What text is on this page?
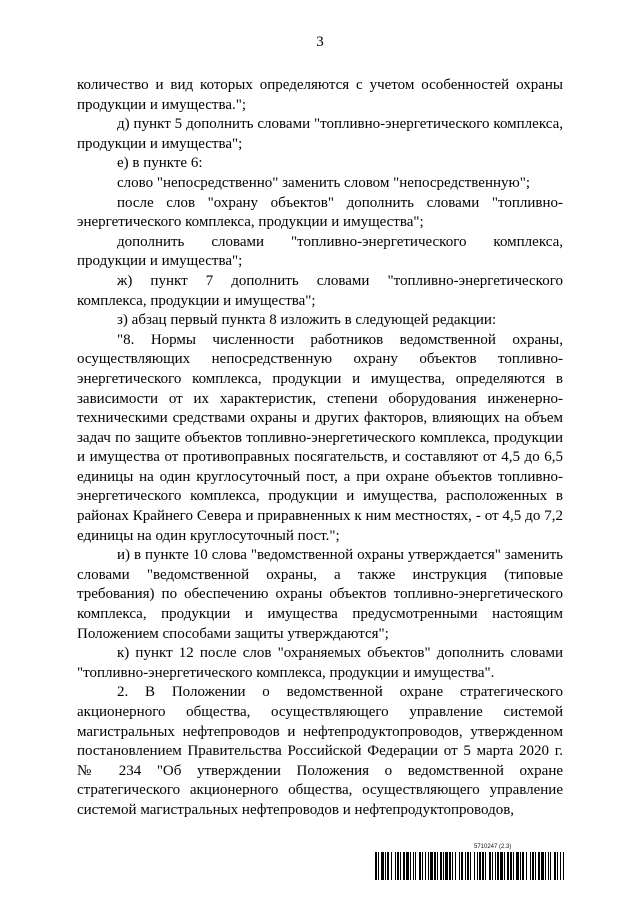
3

количество и вид которых определяются с учетом особенностей охраны продукции и имущества.";

д) пункт 5 дополнить словами "топливно-энергетического комплекса, продукции и имущества";

е) в пункте 6:

слово "непосредственно" заменить словом "непосредственную";

после слов "охрану объектов" дополнить словами "топливно-энергетического комплекса, продукции и имущества";

дополнить словами "топливно-энергетического комплекса, продукции и имущества";

ж) пункт 7 дополнить словами "топливно-энергетического комплекса, продукции и имущества";

з) абзац первый пункта 8 изложить в следующей редакции:

"8. Нормы численности работников ведомственной охраны, осуществляющих непосредственную охрану объектов топливно-энергетического комплекса, продукции и имущества, определяются в зависимости от их характеристик, степени оборудования инженерно-техническими средствами охраны и других факторов, влияющих на объем задач по защите объектов топливно-энергетического комплекса, продукции и имущества от противоправных посягательств, и составляют от 4,5 до 6,5 единицы на один круглосуточный пост, а при охране объектов топливно-энергетического комплекса, продукции и имущества, расположенных в районах Крайнего Севера и приравненных к ним местностях, - от 4,5 до 7,2 единицы на один круглосуточный пост.";

и) в пункте 10 слова "ведомственной охраны утверждается" заменить словами "ведомственной охраны, а также инструкция (типовые требования) по обеспечению охраны объектов топливно-энергетического комплекса, продукции и имущества предусмотренными настоящим Положением способами защиты утверждаются";

к) пункт 12 после слов "охраняемых объектов" дополнить словами "топливно-энергетического комплекса, продукции и имущества".

2. В Положении о ведомственной охране стратегического акционерного общества, осуществляющего управление системой магистральных нефтепроводов и нефтепродуктопроводов, утвержденном постановлением Правительства Российской Федерации от 5 марта 2020 г. № 234 "Об утверждении Положения о ведомственной охране стратегического акционерного общества, осуществляющего управление системой магистральных нефтепроводов и нефтепродуктопроводов,

5710247 (2.3)
